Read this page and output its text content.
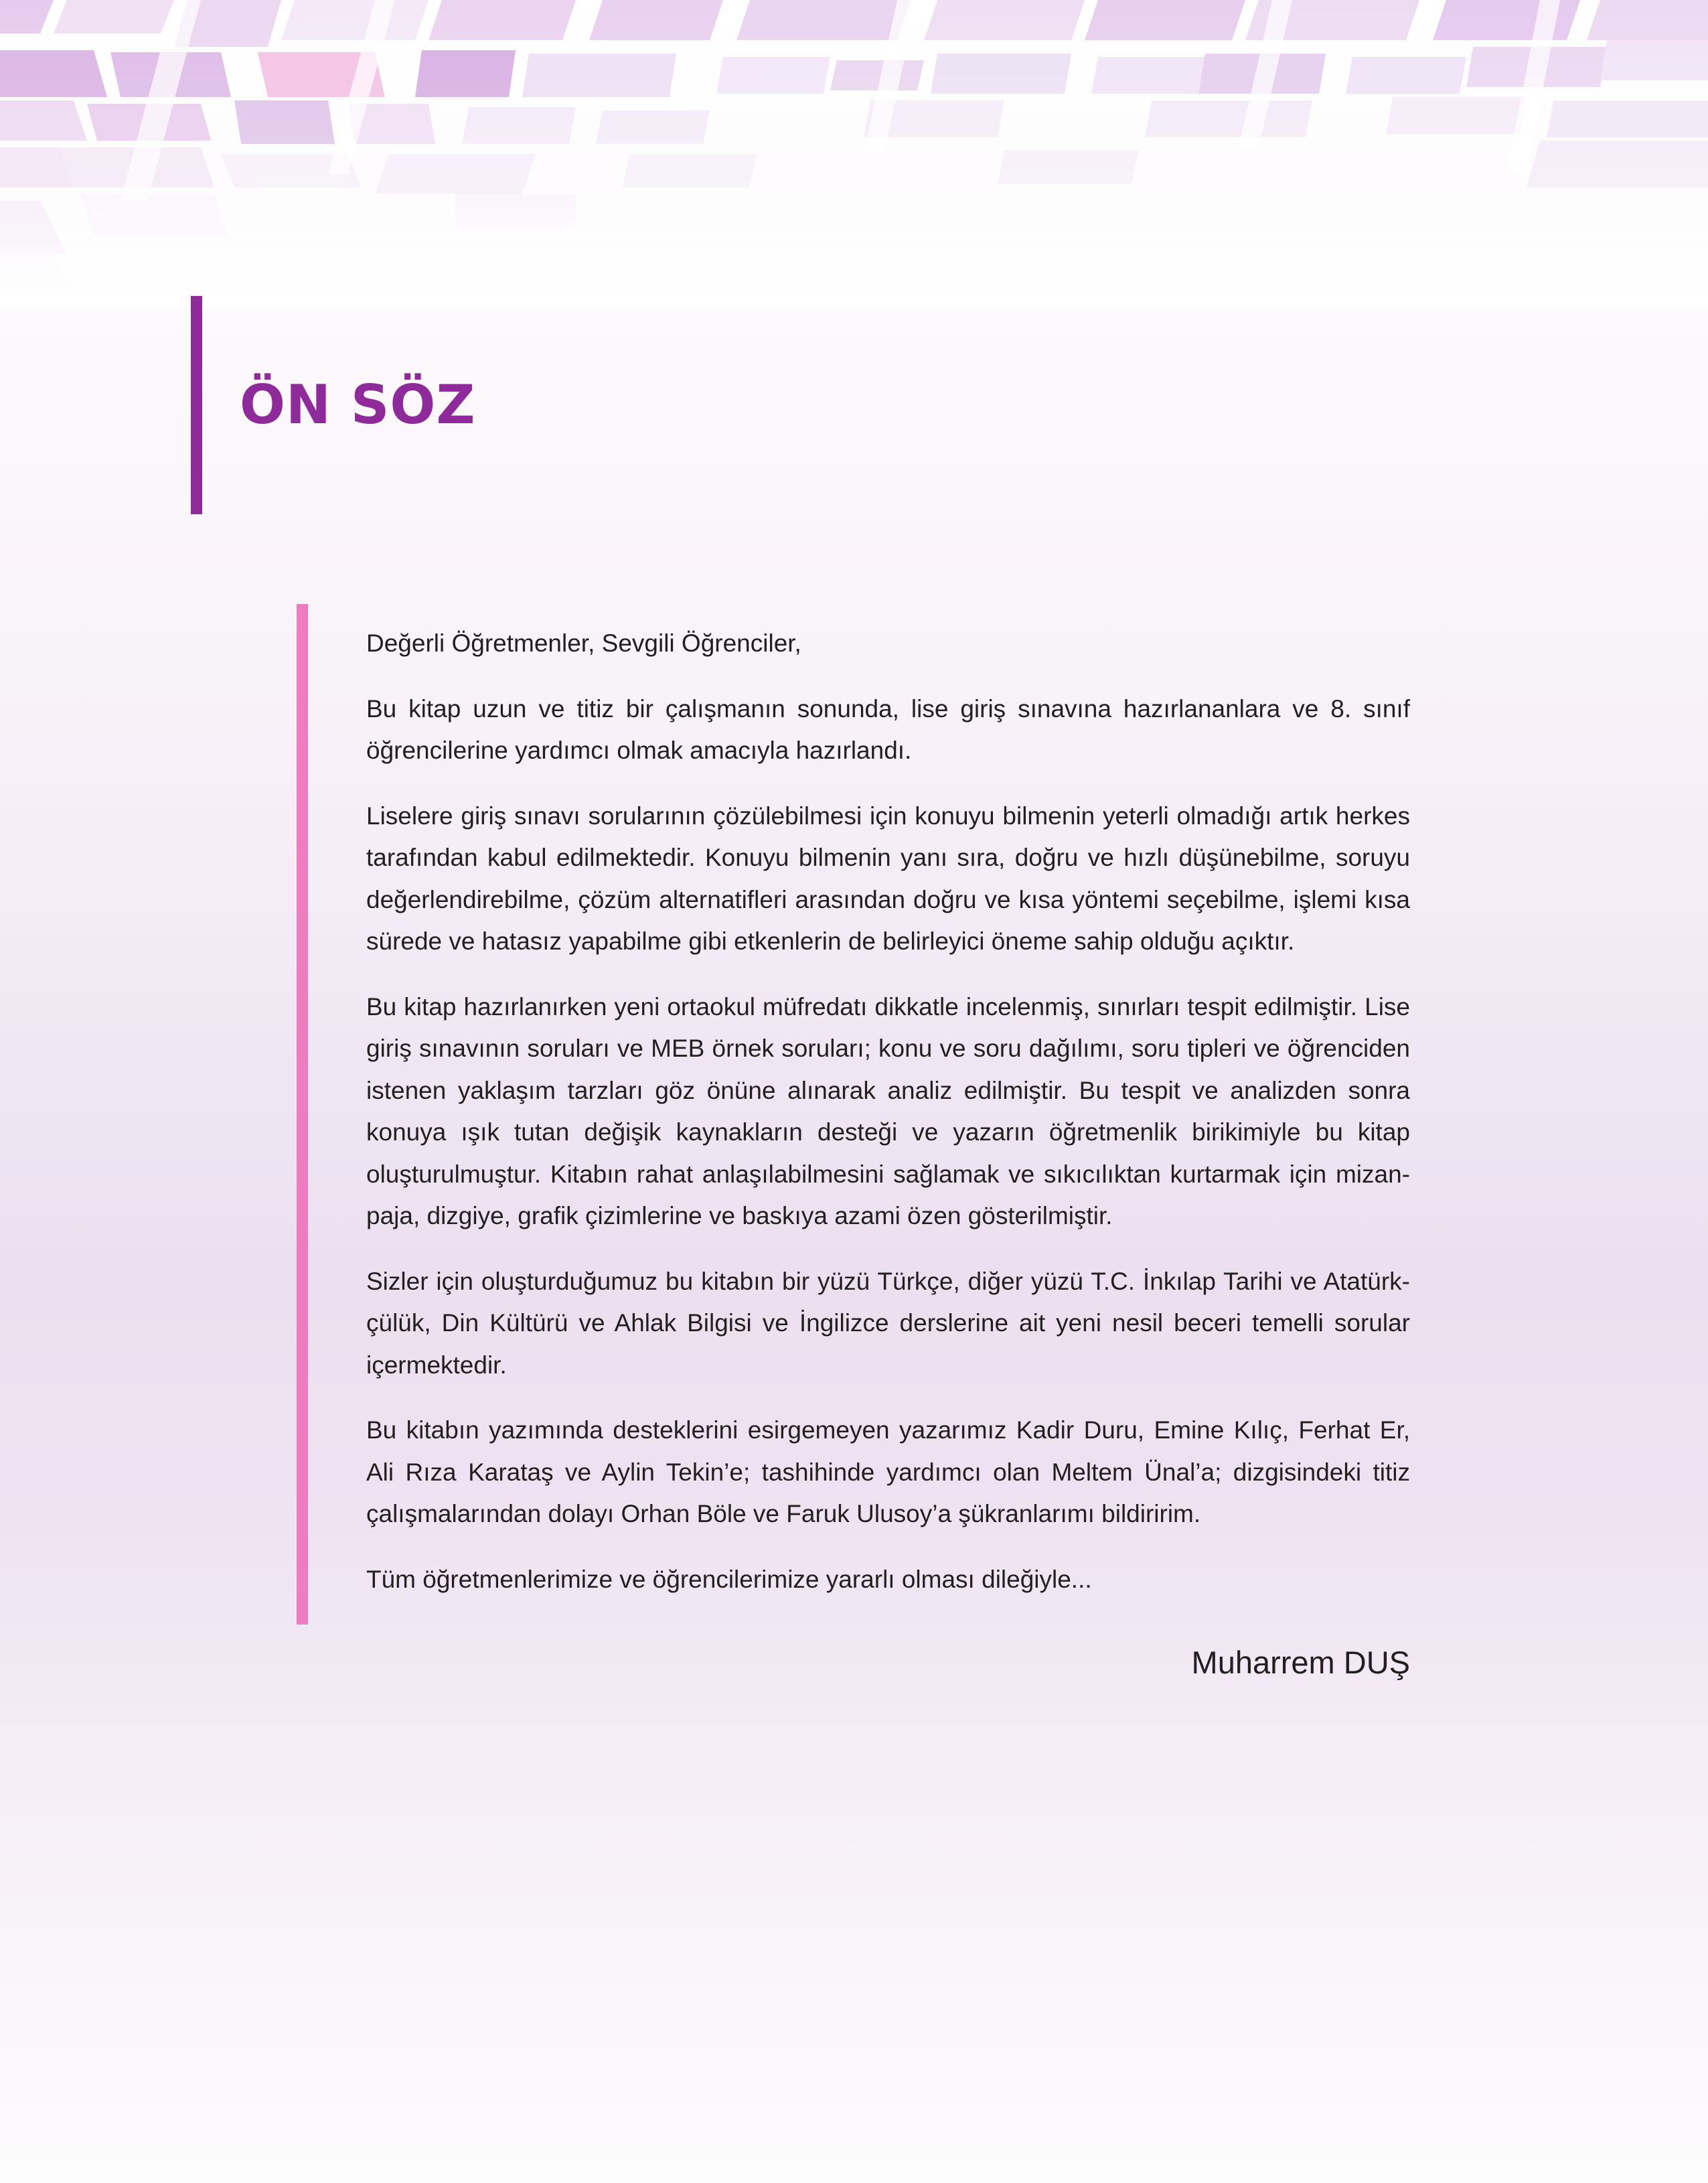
ÖN SÖZ

Değerli Öğretmenler, Sevgili Öğrenciler,

Bu kitap uzun ve titiz bir çalışmanın sonunda, lise giriş sınavına hazırlananlara ve 8. sınıf öğrencilerine yardımcı olmak amacıyla hazırlandı.

Liselere giriş sınavı sorularının çözülebilmesi için konuyu bilmenin yeterli olmadığı artık herkes tarafından kabul edilmektedir. Konuyu bilmenin yanı sıra, doğru ve hızlı düşünebilme, soruyu değerlendirebilme, çözüm alternatifleri arasından doğru ve kısa yöntemi seçebilme, işlemi kısa sürede ve hatasız yapabilme gibi etkenlerin de belirleyici öneme sahip olduğu açıktır.

Bu kitap hazırlanırken yeni ortaokul müfredatı dikkatle incelenmiş, sınırları tespit edilmiştir. Lise giriş sınavının soruları ve MEB örnek soruları; konu ve soru dağılımı, soru tipleri ve öğrenciden istenen yaklaşım tarzları göz önüne alınarak analiz edilmiştir. Bu tespit ve analizden sonra konuya ışık tutan değişik kaynakların desteği ve yazarın öğretmenlik birikimiyle bu kitap oluşturulmuştur. Kitabın rahat anlaşılabilmesini sağlamak ve sıkıcılıktan kurtarmak için mizanpaja, dizgiye, grafik çizimlerine ve baskıya azami özen gösterilmiştir.

Sizler için oluşturduğumuz bu kitabın bir yüzü Türkçe, diğer yüzü T.C. İnkılap Tarihi ve Atatürkçülük, Din Kültürü ve Ahlak Bilgisi ve İngilizce derslerine ait yeni nesil beceri temelli sorular içermektedir.

Bu kitabın yazımında desteklerini esirgemeyen yazarımız Kadir Duru, Emine Kılıç, Ferhat Er, Ali Rıza Karataş ve Aylin Tekin’e; tashihinde yardımcı olan Meltem Ünal’a; dizgisindeki titiz çalışmalarından dolayı Orhan Böle ve Faruk Ulusoy’a şükranlarımı bildiririm.

Tüm öğretmenlerimize ve öğrencilerimize yararlı olması dileğiyle...

Muharrem DUŞ
